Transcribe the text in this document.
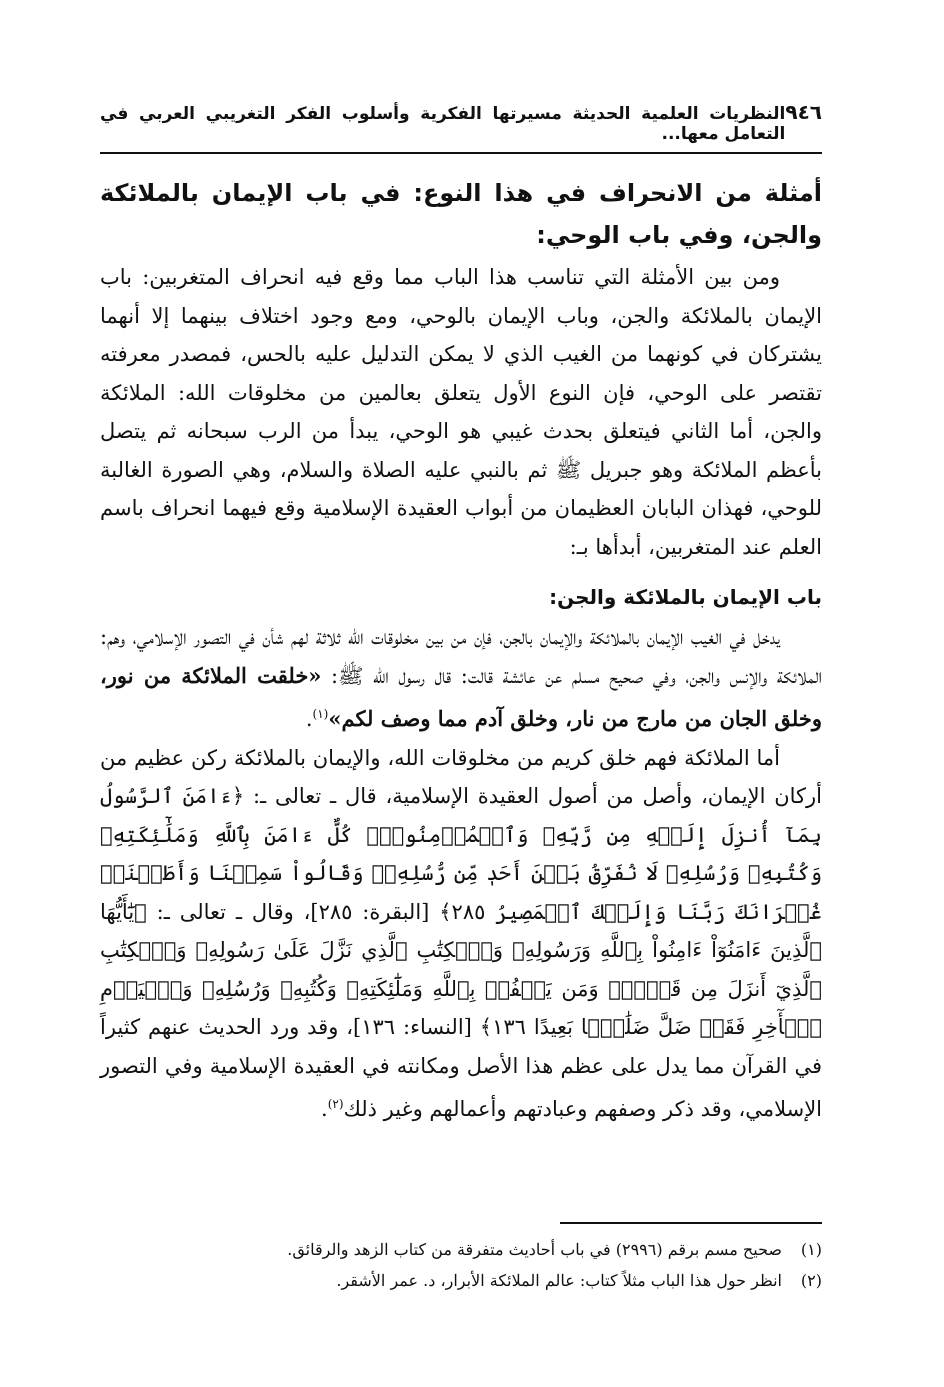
٩٤٦
النظريات العلمية الحديثة مسيرتها الفكرية وأسلوب الفكر التغريبي العربي في التعامل معها...
أمثلة من الانحراف في هذا النوع: في باب الإيمان بالملائكة والجن، وفي باب الوحي:

ومن بين الأمثلة التي تناسب هذا الباب مما وقع فيه انحراف المتغربين: باب الإيمان بالملائكة والجن، وباب الإيمان بالوحي، ومع وجود اختلاف بينهما إلا أنهما يشتركان في كونهما من الغيب الذي لا يمكن التدليل عليه بالحس، فمصدر معرفته تقتصر على الوحي، فإن النوع الأول يتعلق بعالمين من مخلوقات الله: الملائكة والجن، أما الثاني فيتعلق بحدث غيبي هو الوحي، يبدأ من الرب سبحانه ثم يتصل بأعظم الملائكة وهو جبريل ﷺ ثم بالنبي عليه الصلاة والسلام، وهي الصورة الغالبة للوحي، فهذان البابان العظيمان من أبواب العقيدة الإسلامية وقع فيهما انحراف باسم العلم عند المتغربين، أبدأها بـ:

باب الإيمان بالملائكة والجن:

يدخل في الغيب الإيمان بالملائكة والإيمان بالجن، فإن من بين مخلوقات الله ثلاثة لهم شأن في التصور الإسلامي، وهم: الملائكة والإنس والجن، وفي صحيح مسلم عن عائشة قالت: قال رسول الله ﷺ: «خلقت الملائكة من نور، وخلق الجان من مارج من نار، وخلق آدم مما وصف لكم»$^{(١)}$.

أما الملائكة فهم خلق كريم من مخلوقات الله، والإيمان بالملائكة ركن عظيم من أركان الإيمان، وأصل من أصول العقيدة الإسلامية، قال ـ تعالى ـ: ﴿ءَامَنَ ٱلرَّسُولُ بِمَآ أُنزِلَ إِلَيۡهِ مِن رَّبِّهِۦ وَٱلۡمُؤۡمِنُونَۚ كُلٌّ ءَامَنَ بِٱللَّهِ وَمَلَٰٓئِكَتِهِۦ وَكُتُبِهِۦ وَرُسُلِهِۦ لَا نُفَرِّقُ بَيۡنَ أَحَدٖ مِّن رُّسُلِهِۦۚ وَقَالُواْ سَمِعۡنَا وَأَطَعۡنَاۖ غُفۡرَانَكَ رَبَّنَا وَإِلَيۡكَ ٱلۡمَصِيرُ ٢٨٥﴾ [البقرة: ٢٨٥]، وقال ـ تعالى ـ: ﴿يَٰٓأَيُّهَا ٱلَّذِينَ ءَامَنُوٓاْ ءَامِنُواْ بِٱللَّهِ وَرَسُولِهِۦ وَٱلۡكِتَٰبِ ٱلَّذِي نَزَّلَ عَلَىٰ رَسُولِهِۦ وَٱلۡكِتَٰبِ ٱلَّذِيٓ أَنزَلَ مِن قَبۡلُۚ وَمَن يَكۡفُرۡ بِٱللَّهِ وَمَلَٰٓئِكَتِهِۦ وَكُتُبِهِۦ وَرُسُلِهِۦ وَٱلۡيَوۡمِ ٱلۡأٓخِرِ فَقَدۡ ضَلَّ ضَلَٰلَۢا بَعِيدًا ١٣٦﴾ [النساء: ١٣٦]، وقد ورد الحديث عنهم كثيراً في القرآن مما يدل على عظم هذا الأصل ومكانته في العقيدة الإسلامية وفي التصور الإسلامي، وقد ذكر وصفهم وعبادتهم وأعمالهم وغير ذلك$^{(٢)}$.

(١)
صحيح مسم برقم (٢٩٩٦) في باب أحاديث متفرقة من كتاب الزهد والرقائق.
(٢)
انظر حول هذا الباب مثلاً كتاب: عالم الملائكة الأبرار، د. عمر الأشقر.
